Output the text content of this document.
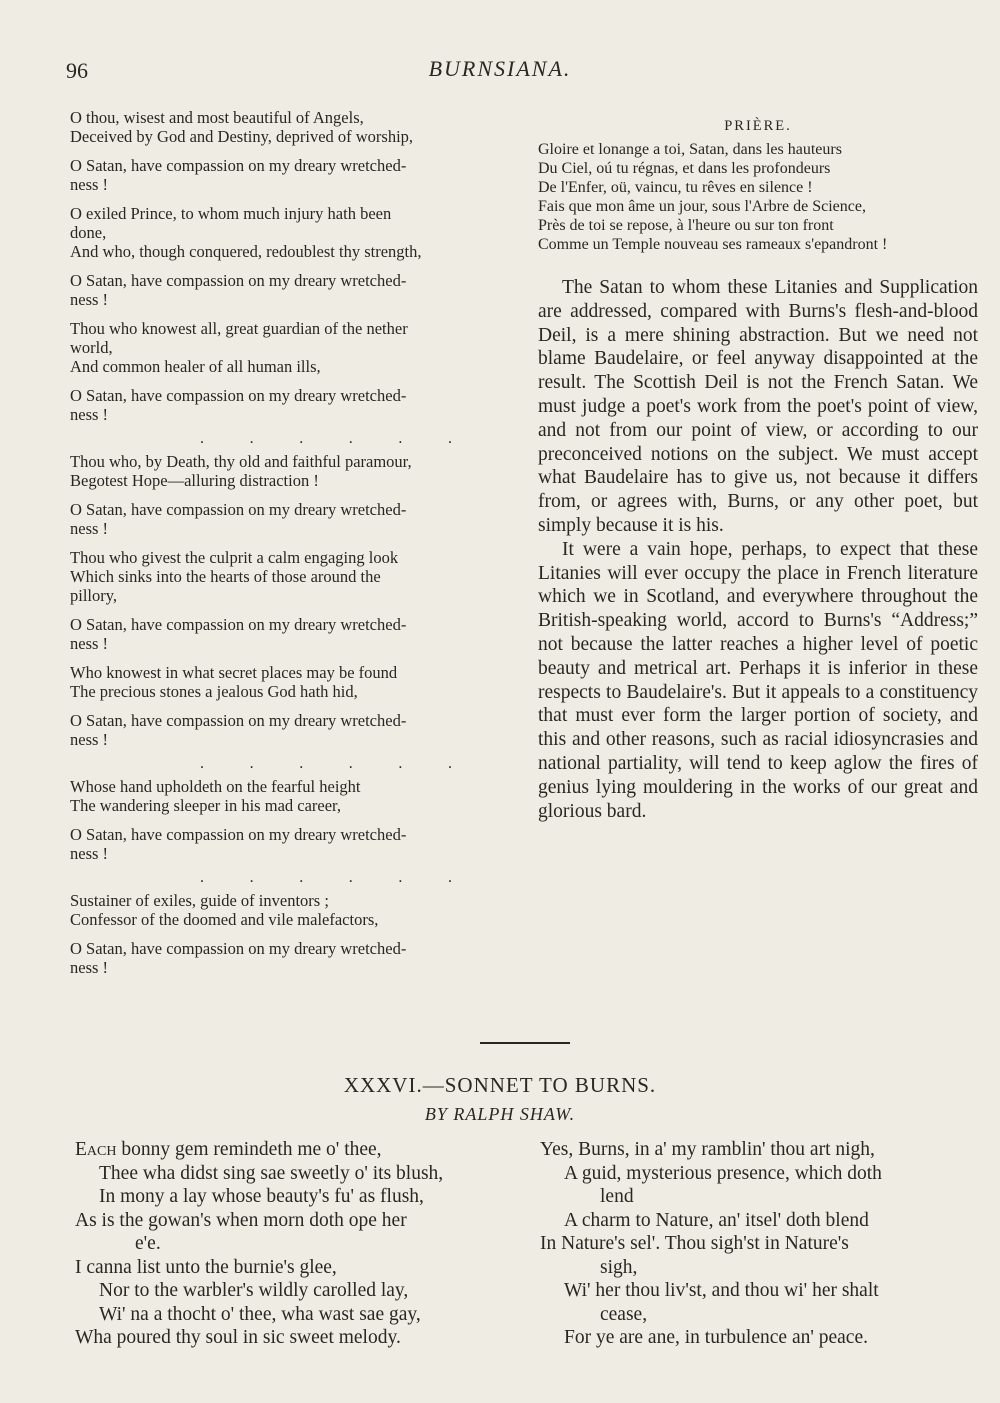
96	BURNSIANA.
O thou, wisest and most beautiful of Angels,
Deceived by God and Destiny, deprived of worship,
O Satan, have compassion on my dreary wretched-
ness !
O exiled Prince, to whom much injury hath been
done,
And who, though conquered, redoublest thy strength,
O Satan, have compassion on my dreary wretched-
ness !
Thou who knowest all, great guardian of the nether
world,
And common healer of all human ills,
O Satan, have compassion on my dreary wretched-
ness !
.	.	.	.	.	.
Thou who, by Death, thy old and faithful paramour,
Begotest Hope—alluring distraction !
O Satan, have compassion on my dreary wretched-
ness !
Thou who givest the culprit a calm engaging look
Which sinks into the hearts of those around the
pillory,
O Satan, have compassion on my dreary wretched-
ness !
Who knowest in what secret places may be found
The precious stones a jealous God hath hid,
O Satan, have compassion on my dreary wretched-
ness !
.	.	.	.	.	.
Whose hand upholdeth on the fearful height
The wandering sleeper in his mad career,
O Satan, have compassion on my dreary wretched-
ness !
.	.	.	.	.	.
Sustainer of exiles, guide of inventors ;
Confessor of the doomed and vile malefactors,
O Satan, have compassion on my dreary wretched-
ness !
PRIÈRE.
Gloire et lonange a toi, Satan, dans les hauteurs
Du Ciel, oú tu régnas, et dans les profondeurs
De l'Enfer, oü, vaincu, tu rêves en silence !
Fais que mon âme un jour, sous l'Arbre de Science,
Près de toi se repose, à l'heure ou sur ton front
Comme un Temple nouveau ses rameaux s'epandront !

The Satan to whom these Litanies and Supplication are addressed, compared with Burns's flesh-and-blood Deil, is a mere shining abstraction. But we need not blame Baudelaire, or feel anyway disappointed at the result. The Scottish Deil is not the French Satan. We must judge a poet's work from the poet's point of view, and not from our point of view, or according to our preconceived notions on the subject. We must accept what Baudelaire has to give us, not because it differs from, or agrees with, Burns, or any other poet, but simply because it is his.

It were a vain hope, perhaps, to expect that these Litanies will ever occupy the place in French literature which we in Scotland, and everywhere throughout the British-speaking world, accord to Burns's “Address;” not because the latter reaches a higher level of poetic beauty and metrical art. Perhaps it is inferior in these respects to Baudelaire's. But it appeals to a constituency that must ever form the larger portion of society, and this and other reasons, such as racial idiosyncrasies and national partiality, will tend to keep aglow the fires of genius lying mouldering in the works of our great and glorious bard.

XXXVI.—SONNET TO BURNS.
BY RALPH SHAW.
Each bonny gem remindeth me o' thee,
Thee wha didst sing sae sweetly o' its blush,
In mony a lay whose beauty's fu' as flush,
As is the gowan's when morn doth ope her
e'e.
I canna list unto the burnie's glee,
Nor to the warbler's wildly carolled lay,
Wi' na a thocht o' thee, wha wast sae gay,
Wha poured thy soul in sic sweet melody.
Yes, Burns, in a' my ramblin' thou art nigh,
A guid, mysterious presence, which doth
lend
A charm to Nature, an' itsel' doth blend
In Nature's sel'. Thou sigh'st in Nature's
sigh,
Wi' her thou liv'st, and thou wi' her shalt
cease,
For ye are ane, in turbulence an' peace.
